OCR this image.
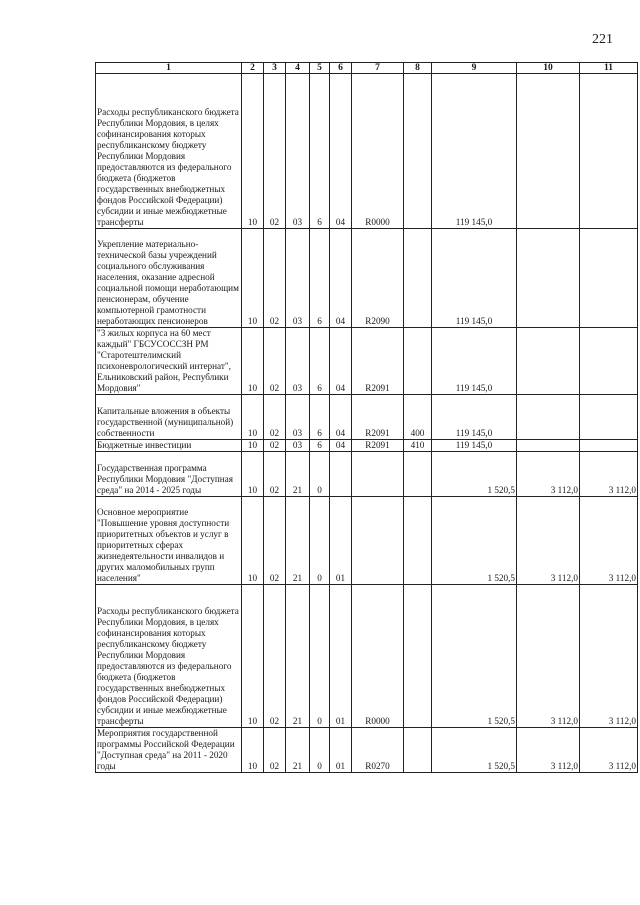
221
1	2	3	4	5	6	7	8	9	10	11
Расходы республиканского бюджета Республики Мордовия, в целях софинансирования которых республиканскому бюджету Республики Мордовия предоставляются из федерального бюджета (бюджетов государственных внебюджетных фондов Российской Федерации) субсидии и иные межбюджетные трансферты	10	02	03	6	04	R0000		119 145,0		
Укрепление материально-технической базы учреждений социального обслуживания населения, оказание адресной социальной помощи неработающим пенсионерам, обучение компьютерной грамотности неработающих пенсионеров	10	02	03	6	04	R2090		119 145,0		
"3 жилых корпуса на 60 мест каждый" ГБСУСОССЗН РМ "Старотештелимский психоневрологический интернат", Ельниковский район, Республики Мордовия"	10	02	03	6	04	R2091		119 145,0		
Капитальные вложения в объекты государственной (муниципальной) собственности	10	02	03	6	04	R2091	400	119 145,0		
Бюджетные инвестиции	10	02	03	6	04	R2091	410	119 145,0		
Государственная программа Республики Мордовия "Доступная среда" на 2014 - 2025 годы	10	02	21	0				1 520,5	3 112,0	3 112,0
Основное мероприятие "Повышение уровня доступности приоритетных объектов и услуг в приоритетных сферах жизнедеятельности инвалидов и других маломобильных групп населения"	10	02	21	0	01			1 520,5	3 112,0	3 112,0
Расходы республиканского бюджета Республики Мордовия, в целях софинансирования которых республиканскому бюджету Республики Мордовия предоставляются из федерального бюджета (бюджетов государственных внебюджетных фондов Российской Федерации) субсидии и иные межбюджетные трансферты	10	02	21	0	01	R0000		1 520,5	3 112,0	3 112,0
Мероприятия государственной программы Российской Федерации "Доступная среда" на 2011 - 2020 годы	10	02	21	0	01	R0270		1 520,5	3 112,0	3 112,0
